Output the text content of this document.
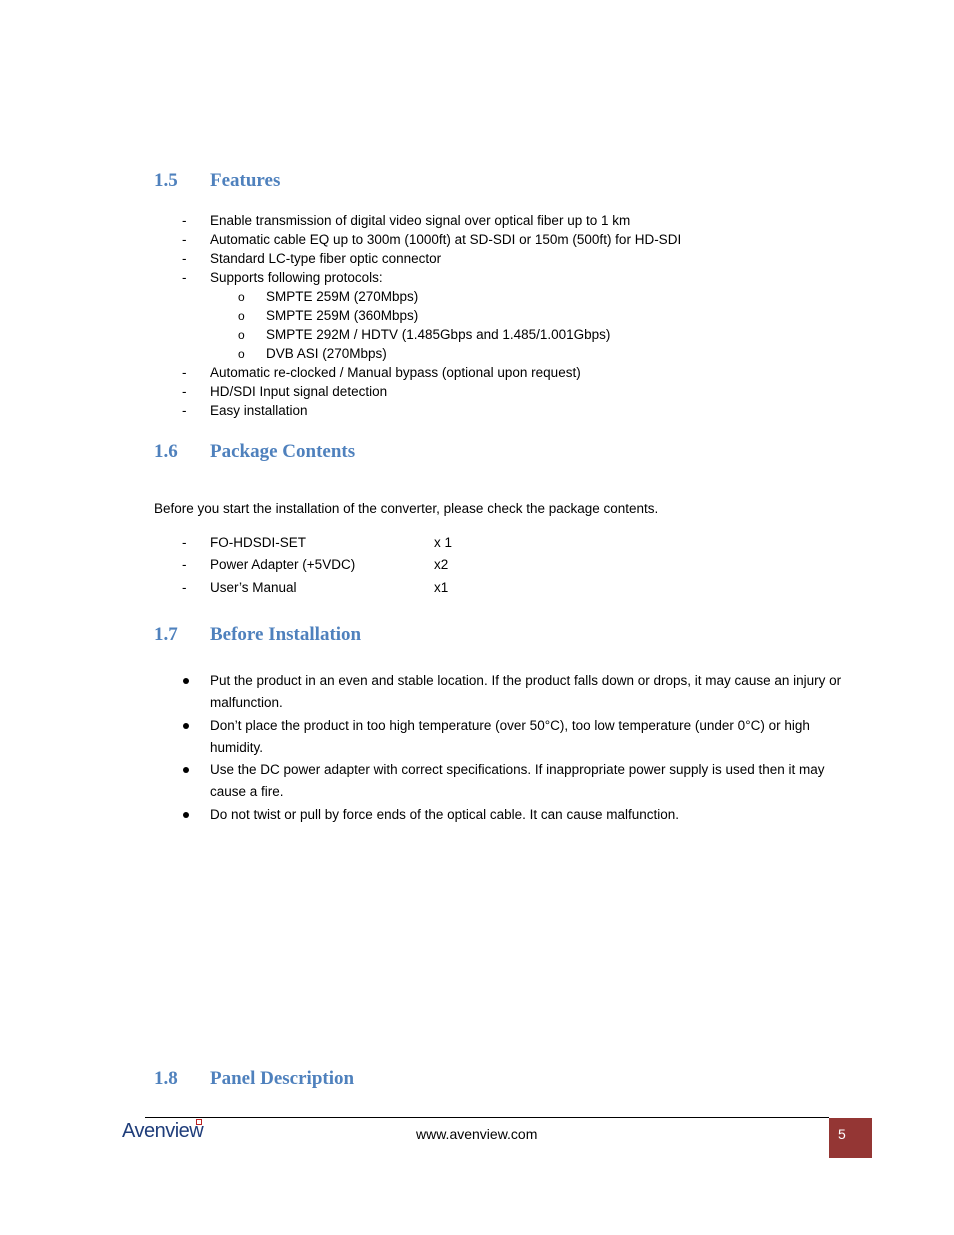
1.5 Features
- Enable transmission of digital video signal over optical fiber up to 1 km
- Automatic cable EQ up to 300m (1000ft) at SD-SDI or 150m (500ft) for HD-SDI
- Standard LC-type fiber optic connector
- Supports following protocols:
o SMPTE 259M (270Mbps)
o SMPTE 259M (360Mbps)
o SMPTE 292M / HDTV (1.485Gbps and 1.485/1.001Gbps)
o DVB ASI (270Mbps)
- Automatic re-clocked / Manual bypass (optional upon request)
- HD/SDI Input signal detection
- Easy installation
1.6 Package Contents
Before you start the installation of the converter, please check the package contents.
- FO-HDSDI-SET	x 1
- Power Adapter (+5VDC)	x2
- User’s Manual	x1
1.7 Before Installation
Put the product in an even and stable location. If the product falls down or drops, it may cause an injury or malfunction.
Don’t place the product in too high temperature (over 50°C), too low temperature (under 0°C) or high humidity.
Use the DC power adapter with correct specifications. If inappropriate power supply is used then it may cause a fire.
Do not twist or pull by force ends of the optical cable. It can cause malfunction.
1.8 Panel Description
Avenview	www.avenview.com	5
